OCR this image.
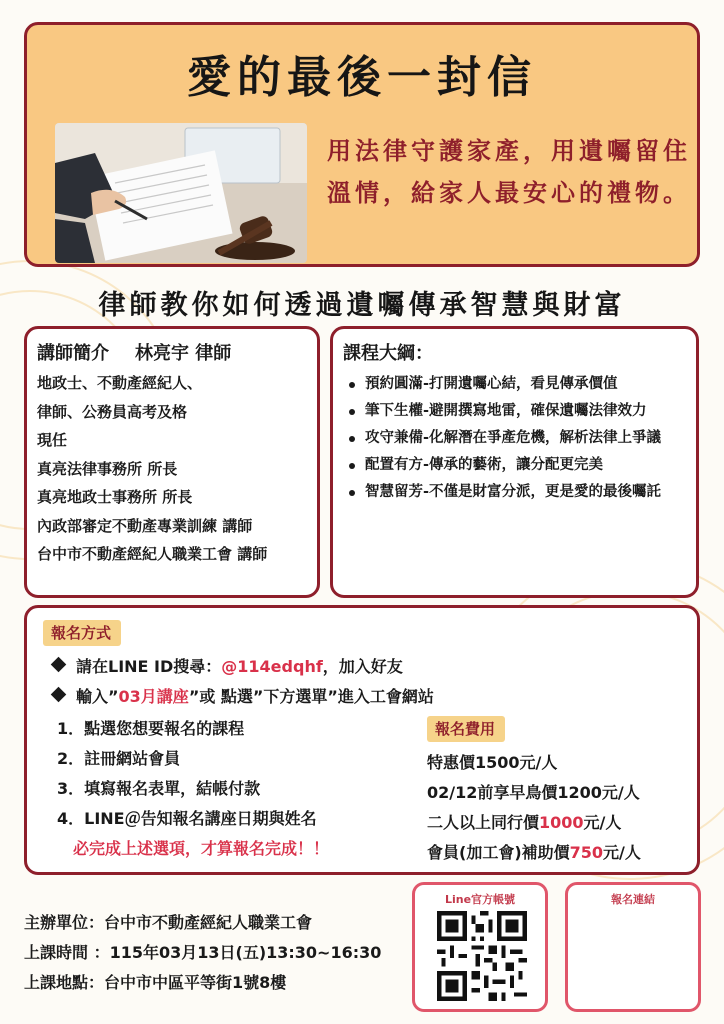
愛的最後一封信
用法律守護家產，用遺囑留住溫情，給家人最安心的禮物。
律師教你如何透過遺囑傳承智慧與財富
講師簡介 林亮宇 律師
地政士、不動產經紀人、
律師、公務員高考及格
現任
真亮法律事務所 所長
真亮地政士事務所 所長
內政部審定不動產專業訓練 講師
台中市不動產經紀人職業工會 講師
課程大綱：
預約圓滿-打開遺囑心結，看見傳承價值
筆下生權-避開撰寫地雷，確保遺囑法律效力
攻守兼備-化解潛在爭產危機，解析法律上爭議
配置有方-傳承的藝術，讓分配更完美
智慧留芳-不僅是財富分派，更是愛的最後囑託
報名方式
請在LINE ID搜尋：@114edqhf，加入好友
輸入”03月講座”或 點選”下方選單”進入工會網站
1．點選您想要報名的課程
2．註冊網站會員
3．填寫報名表單，結帳付款
4．LINE＠告知報名講座日期與姓名
必完成上述選項，才算報名完成！！
報名費用
特惠價1500元/人
02/12前享早鳥價1200元/人
二人以上同行價1000元/人
會員(加工會)補助價750元/人
主辦單位：台中市不動產經紀人職業工會
上課時間 ：115年03月13日(五)13:30~16:30
上課地點：台中市中區平等街1號8樓
Line官方帳號	報名連結
